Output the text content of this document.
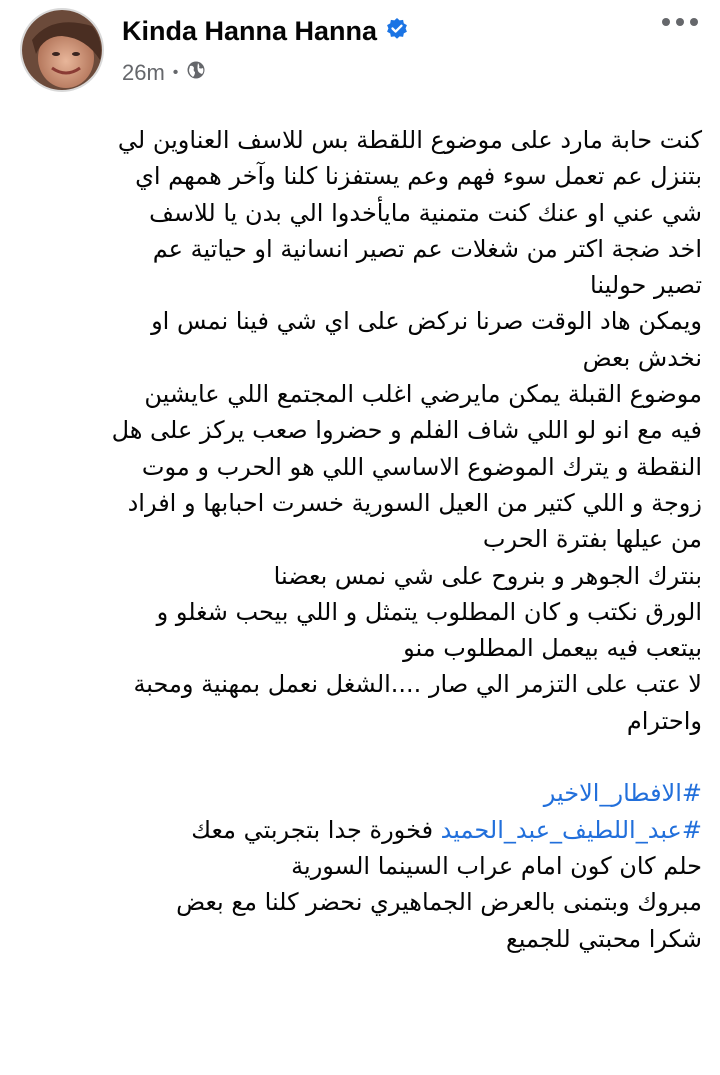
Kinda Hanna Hanna
26m •
كنت حابة مارد على موضوع اللقطة بس للاسف العناوين لي
بتنزل عم تعمل سوء فهم وعم يستفزنا كلنا وآخر همهم اي
شي عني او عنك كنت متمنية مايأخدوا الي بدن يا للاسف
اخد ضجة اكتر من شغلات عم تصير انسانية او حياتية عم
تصير حولينا
ويمكن هاد الوقت صرنا نركض على اي شي فينا نمس او
نخدش بعض
موضوع القبلة يمكن مايرضي اغلب المجتمع اللي عايشين
فيه مع انو لو اللي شاف الفلم و حضروا صعب يركز على هل
النقطة و يترك الموضوع الاساسي اللي هو الحرب و موت
زوجة و اللي كتير من العيل السورية خسرت احبابها و افراد
من عيلها بفترة الحرب
بنترك الجوهر و بنروح على شي نمس بعضنا
الورق نكتب و كان المطلوب يتمثل و اللي بيحب شغلو و
بيتعب فيه بيعمل المطلوب منو
لا عتب على التزمر الي صار ....الشغل نعمل بمهنية ومحبة
واحترام
#الافطار_الاخير
#عبد_اللطيف_عبد_الحميد فخورة جدا بتجربتي معك
حلم كان كون امام عراب السينما السورية
مبروك وبتمنى بالعرض الجماهيري نحضر كلنا مع بعض
شكرا محبتي للجميع
